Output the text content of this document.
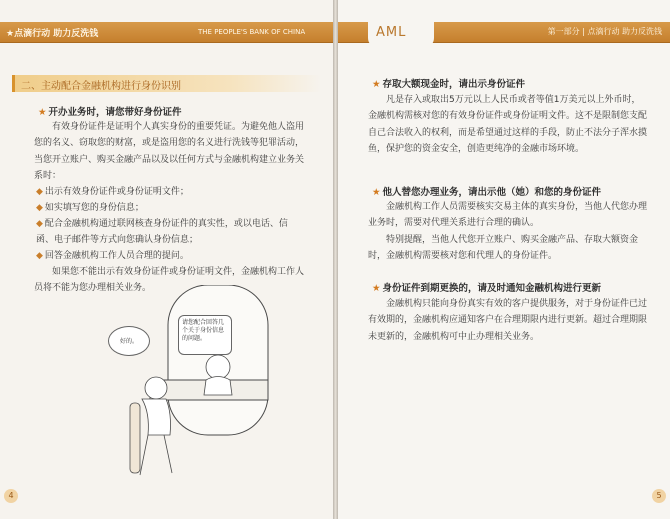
★点滴行动 助力反洗钱	THE PEOPLE'S BANK OF CHINA
二、主动配合金融机构进行身份识别
★ 开办业务时，请您带好身份证件
有效身份证件是证明个人真实身份的重要凭证。为避免他人盗用您的名义、窃取您的财富，或是盗用您的名义进行洗钱等犯罪活动，当您开立账户、购买金融产品以及以任何方式与金融机构建立业务关系时：
◆ 出示有效身份证件或身份证明文件；
◆ 如实填写您的身份信息；
◆ 配合金融机构通过联网核查身份证件的真实性，或以电话、信函、电子邮件等方式向您确认身份信息；
◆ 回答金融机构工作人员合理的提问。
如果您不能出示有效身份证件或身份证明文件，金融机构工作人员将不能为您办理相关业务。
请您配合回答几个关于身份信息的问题。
好的。
4
第一部分 | 点滴行动 助力反洗钱
AML
★ 存取大额现金时，请出示身份证件
凡是存入或取出5万元以上人民币或者等值1万美元以上外币时，金融机构需核对您的有效身份证件或身份证明文件。这不是限制您支配自己合法收入的权利，而是希望通过这样的手段，防止不法分子浑水摸鱼，保护您的资金安全，创造更纯净的金融市场环境。
★ 他人替您办理业务，请出示他（她）和您的身份证件
金融机构工作人员需要核实交易主体的真实身份，当他人代您办理业务时，需要对代理关系进行合理的确认。
特别提醒，当他人代您开立账户、购买金融产品、存取大额资金时，金融机构需要核对您和代理人的身份证件。
★ 身份证件到期更换的，请及时通知金融机构进行更新
金融机构只能向身份真实有效的客户提供服务，对于身份证件已过有效期的，金融机构应通知客户在合理期限内进行更新。超过合理期限未更新的，金融机构可中止办理相关业务。
5
